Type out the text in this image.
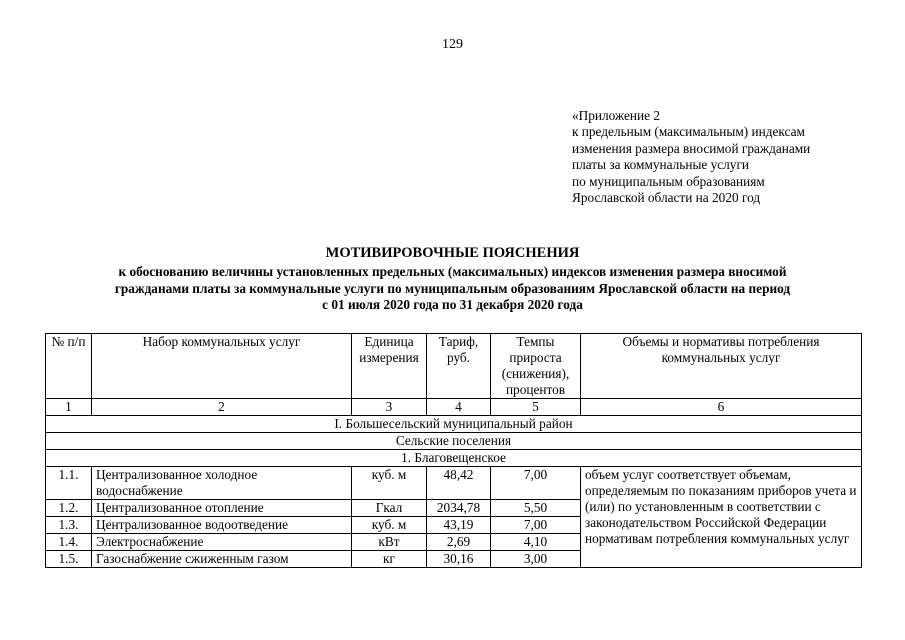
129
«Приложение 2
к предельным (максимальным) индексам
изменения размера вносимой гражданами
платы за коммунальные услуги
по муниципальным образованиям
Ярославской области на 2020 год
МОТИВИРОВОЧНЫЕ ПОЯСНЕНИЯ
к обоснованию величины установленных предельных (максимальных) индексов изменения размера вносимой
гражданами платы за коммунальные услуги по муниципальным образованиям Ярославской области на период
с 01 июля 2020 года по 31 декабря 2020 года
№ п/п	Набор коммунальных услуг	Единица измерения	Тариф, руб.	Темпы прироста (снижения), процентов	Объемы и нормативы потребления коммунальных услуг
1	2	3	4	5	6
I. Большесельский муниципальный район					
Сельские поселения					
1. Благовещенское					
1.1.	Централизованное холодное водоснабжение	куб. м	48,42	7,00	объем услуг соответствует объемам, определяемым по показаниям приборов учета и (или) по установленным в соответствии с законодательством Российской Федерации нормативам потребления коммунальных услуг
1.2.	Централизованное отопление	Гкал	2034,78	5,50	
1.3.	Централизованное водоотведение	куб. м	43,19	7,00	
1.4.	Электроснабжение	кВт	2,69	4,10	
1.5.	Газоснабжение сжиженным газом	кг	30,16	3,00	
